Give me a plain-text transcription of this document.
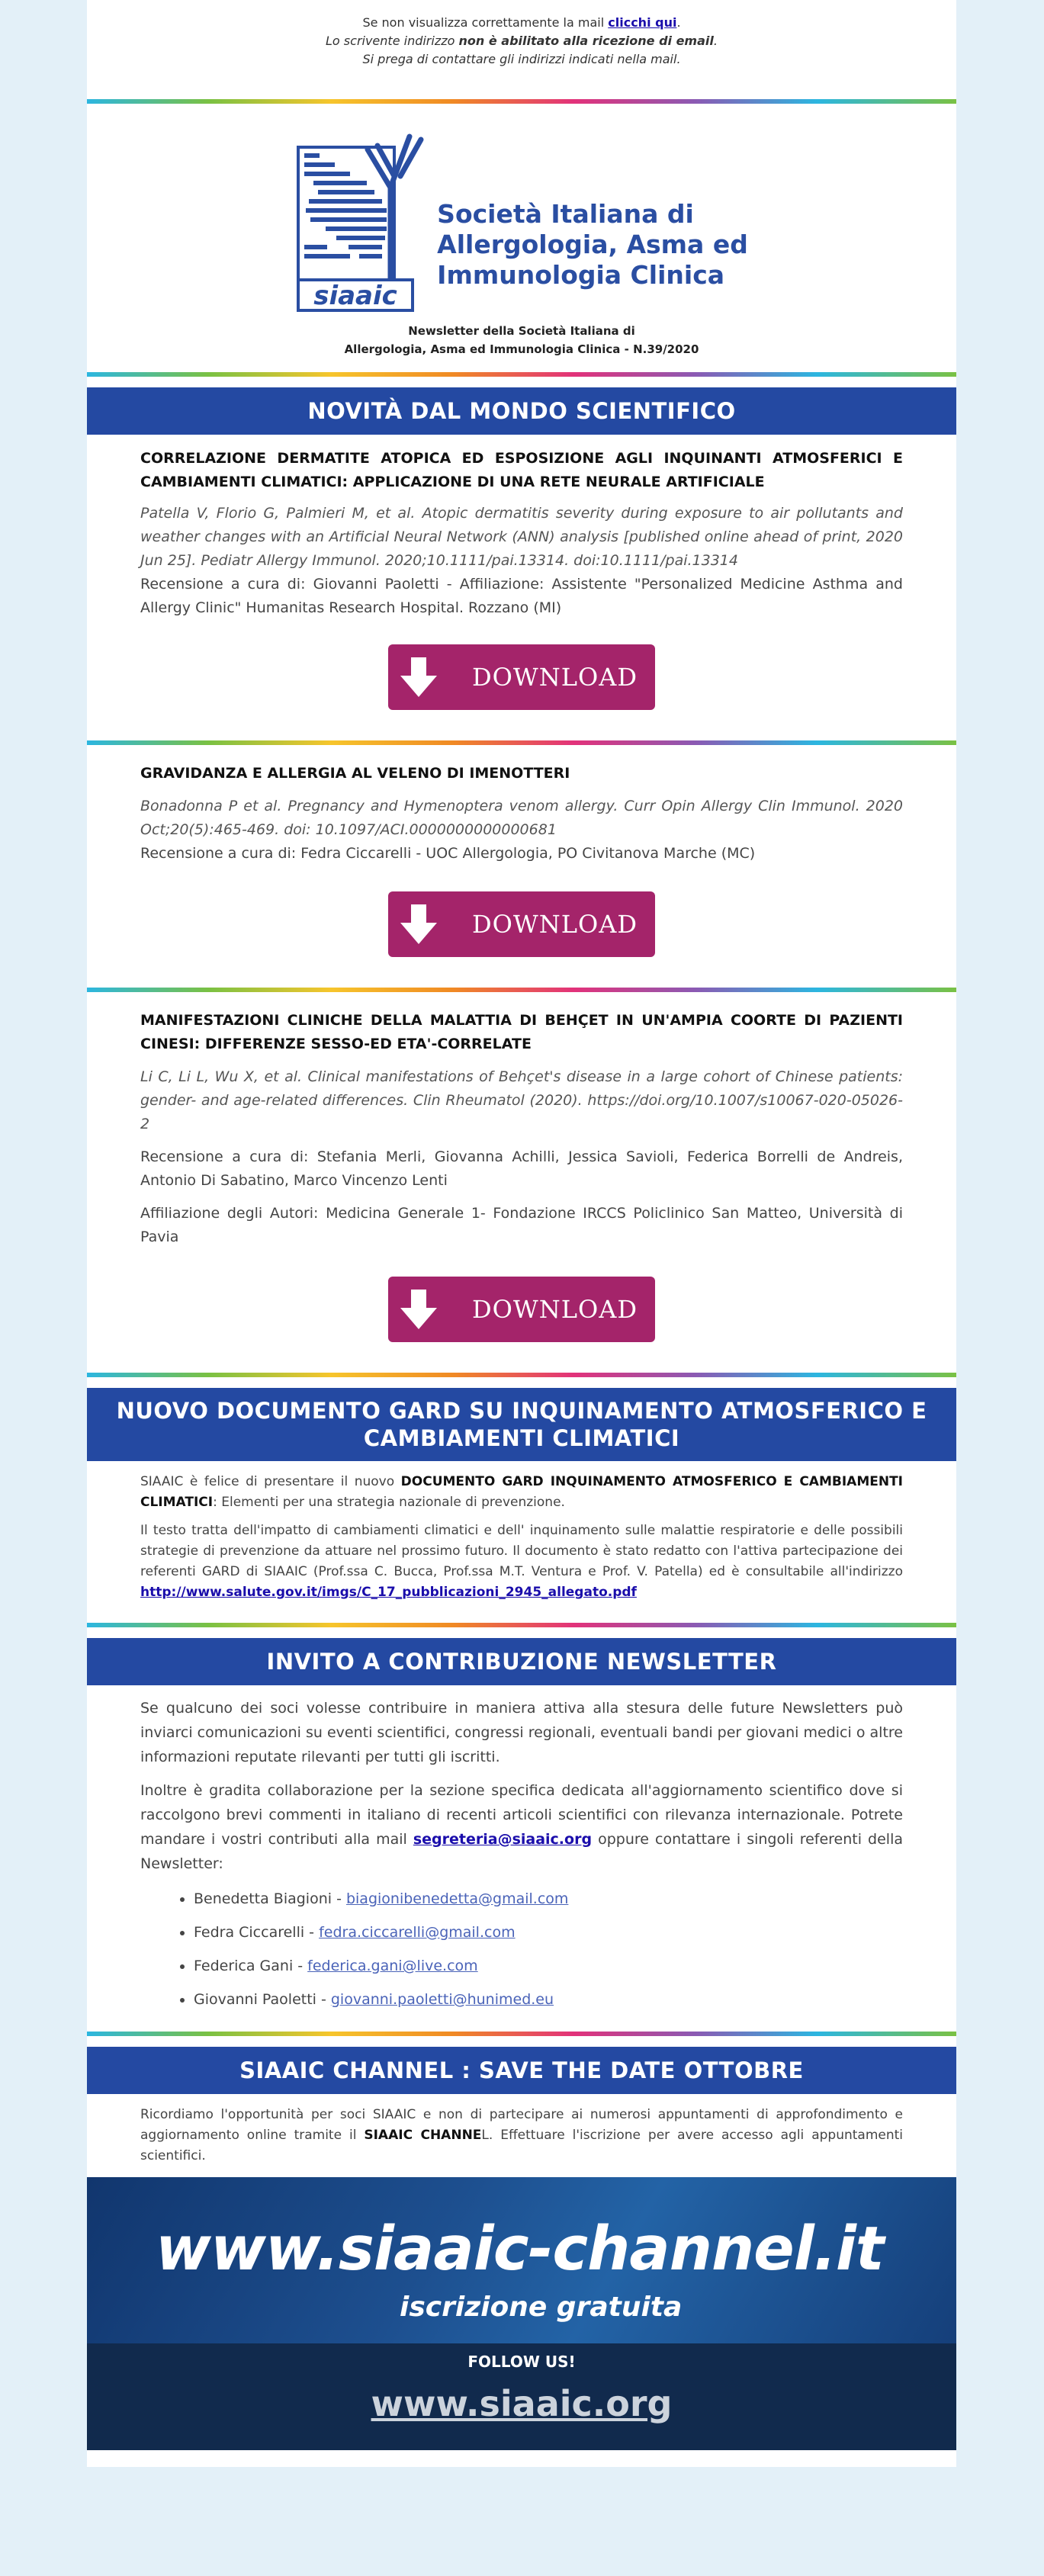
Se non visualizza correttamente la mail clicchi qui.
Lo scrivente indirizzo non è abilitato alla ricezione di email.
Si prega di contattare gli indirizzi indicati nella mail.
siaaic
Società Italiana di
Allergologia, Asma ed
Immunologia Clinica
Newsletter della Società Italiana di
Allergologia, Asma ed Immunologia Clinica - N.39/2020
NOVITÀ DAL MONDO SCIENTIFICO
CORRELAZIONE DERMATITE ATOPICA ED ESPOSIZIONE AGLI INQUINANTI ATMOSFERICI E CAMBIAMENTI CLIMATICI: APPLICAZIONE DI UNA RETE NEURALE ARTIFICIALE
Patella V, Florio G, Palmieri M, et al. Atopic dermatitis severity during exposure to air pollutants and weather changes with an Artificial Neural Network (ANN) analysis [published online ahead of print, 2020 Jun 25]. Pediatr Allergy Immunol. 2020;10.1111/pai.13314. doi:10.1111/pai.13314
Recensione a cura di: Giovanni Paoletti - Affiliazione: Assistente "Personalized Medicine Asthma and Allergy Clinic" Humanitas Research Hospital. Rozzano (MI)
DOWNLOAD
GRAVIDANZA E ALLERGIA AL VELENO DI IMENOTTERI
Bonadonna P et al. Pregnancy and Hymenoptera venom allergy. Curr Opin Allergy Clin Immunol. 2020 Oct;20(5):465-469. doi: 10.1097/ACI.0000000000000681
Recensione a cura di: Fedra Ciccarelli - UOC Allergologia, PO Civitanova Marche (MC)
DOWNLOAD
MANIFESTAZIONI CLINICHE DELLA MALATTIA DI BEHÇET IN UN'AMPIA COORTE DI PAZIENTI CINESI: DIFFERENZE SESSO-ED ETA'-CORRELATE
Li C, Li L, Wu X, et al. Clinical manifestations of Behçet's disease in a large cohort of Chinese patients: gender- and age-related differences. Clin Rheumatol (2020). https://doi.org/10.1007/s10067-020-05026-2
Recensione a cura di: Stefania Merli, Giovanna Achilli, Jessica Savioli, Federica Borrelli de Andreis, Antonio Di Sabatino, Marco Vincenzo Lenti
Affiliazione degli Autori: Medicina Generale 1- Fondazione IRCCS Policlinico San Matteo, Università di Pavia
DOWNLOAD
NUOVO DOCUMENTO GARD SU INQUINAMENTO ATMOSFERICO E
CAMBIAMENTI CLIMATICI
SIAAIC è felice di presentare il nuovo DOCUMENTO GARD INQUINAMENTO ATMOSFERICO E CAMBIAMENTI CLIMATICI: Elementi per una strategia nazionale di prevenzione.
Il testo tratta dell'impatto di cambiamenti climatici e dell' inquinamento sulle malattie respiratorie e delle possibili strategie di prevenzione da attuare nel prossimo futuro. Il documento è stato redatto con l'attiva partecipazione dei referenti GARD di SIAAIC (Prof.ssa C. Bucca, Prof.ssa M.T. Ventura e Prof. V. Patella) ed è consultabile all'indirizzo http://www.salute.gov.it/imgs/C_17_pubblicazioni_2945_allegato.pdf
INVITO A CONTRIBUZIONE NEWSLETTER
Se qualcuno dei soci volesse contribuire in maniera attiva alla stesura delle future Newsletters può inviarci comunicazioni su eventi scientifici, congressi regionali, eventuali bandi per giovani medici o altre informazioni reputate rilevanti per tutti gli iscritti.
Inoltre è gradita collaborazione per la sezione specifica dedicata all'aggiornamento scientifico dove si raccolgono brevi commenti in italiano di recenti articoli scientifici con rilevanza internazionale. Potrete mandare i vostri contributi alla mail segreteria@siaaic.org oppure contattare i singoli referenti della Newsletter:
• Benedetta Biagioni - biagionibenedetta@gmail.com
• Fedra Ciccarelli - fedra.ciccarelli@gmail.com
• Federica Gani - federica.gani@live.com
• Giovanni Paoletti - giovanni.paoletti@hunimed.eu
SIAAIC CHANNEL : SAVE THE DATE OTTOBRE
Ricordiamo l'opportunità per soci SIAAIC e non di partecipare ai numerosi appuntamenti di approfondimento e aggiornamento online tramite il SIAAIC CHANNEL. Effettuare l'iscrizione per avere accesso agli appuntamenti scientifici.
www.siaaic-channel.it
iscrizione gratuita
FOLLOW US!
www.siaaic.org
